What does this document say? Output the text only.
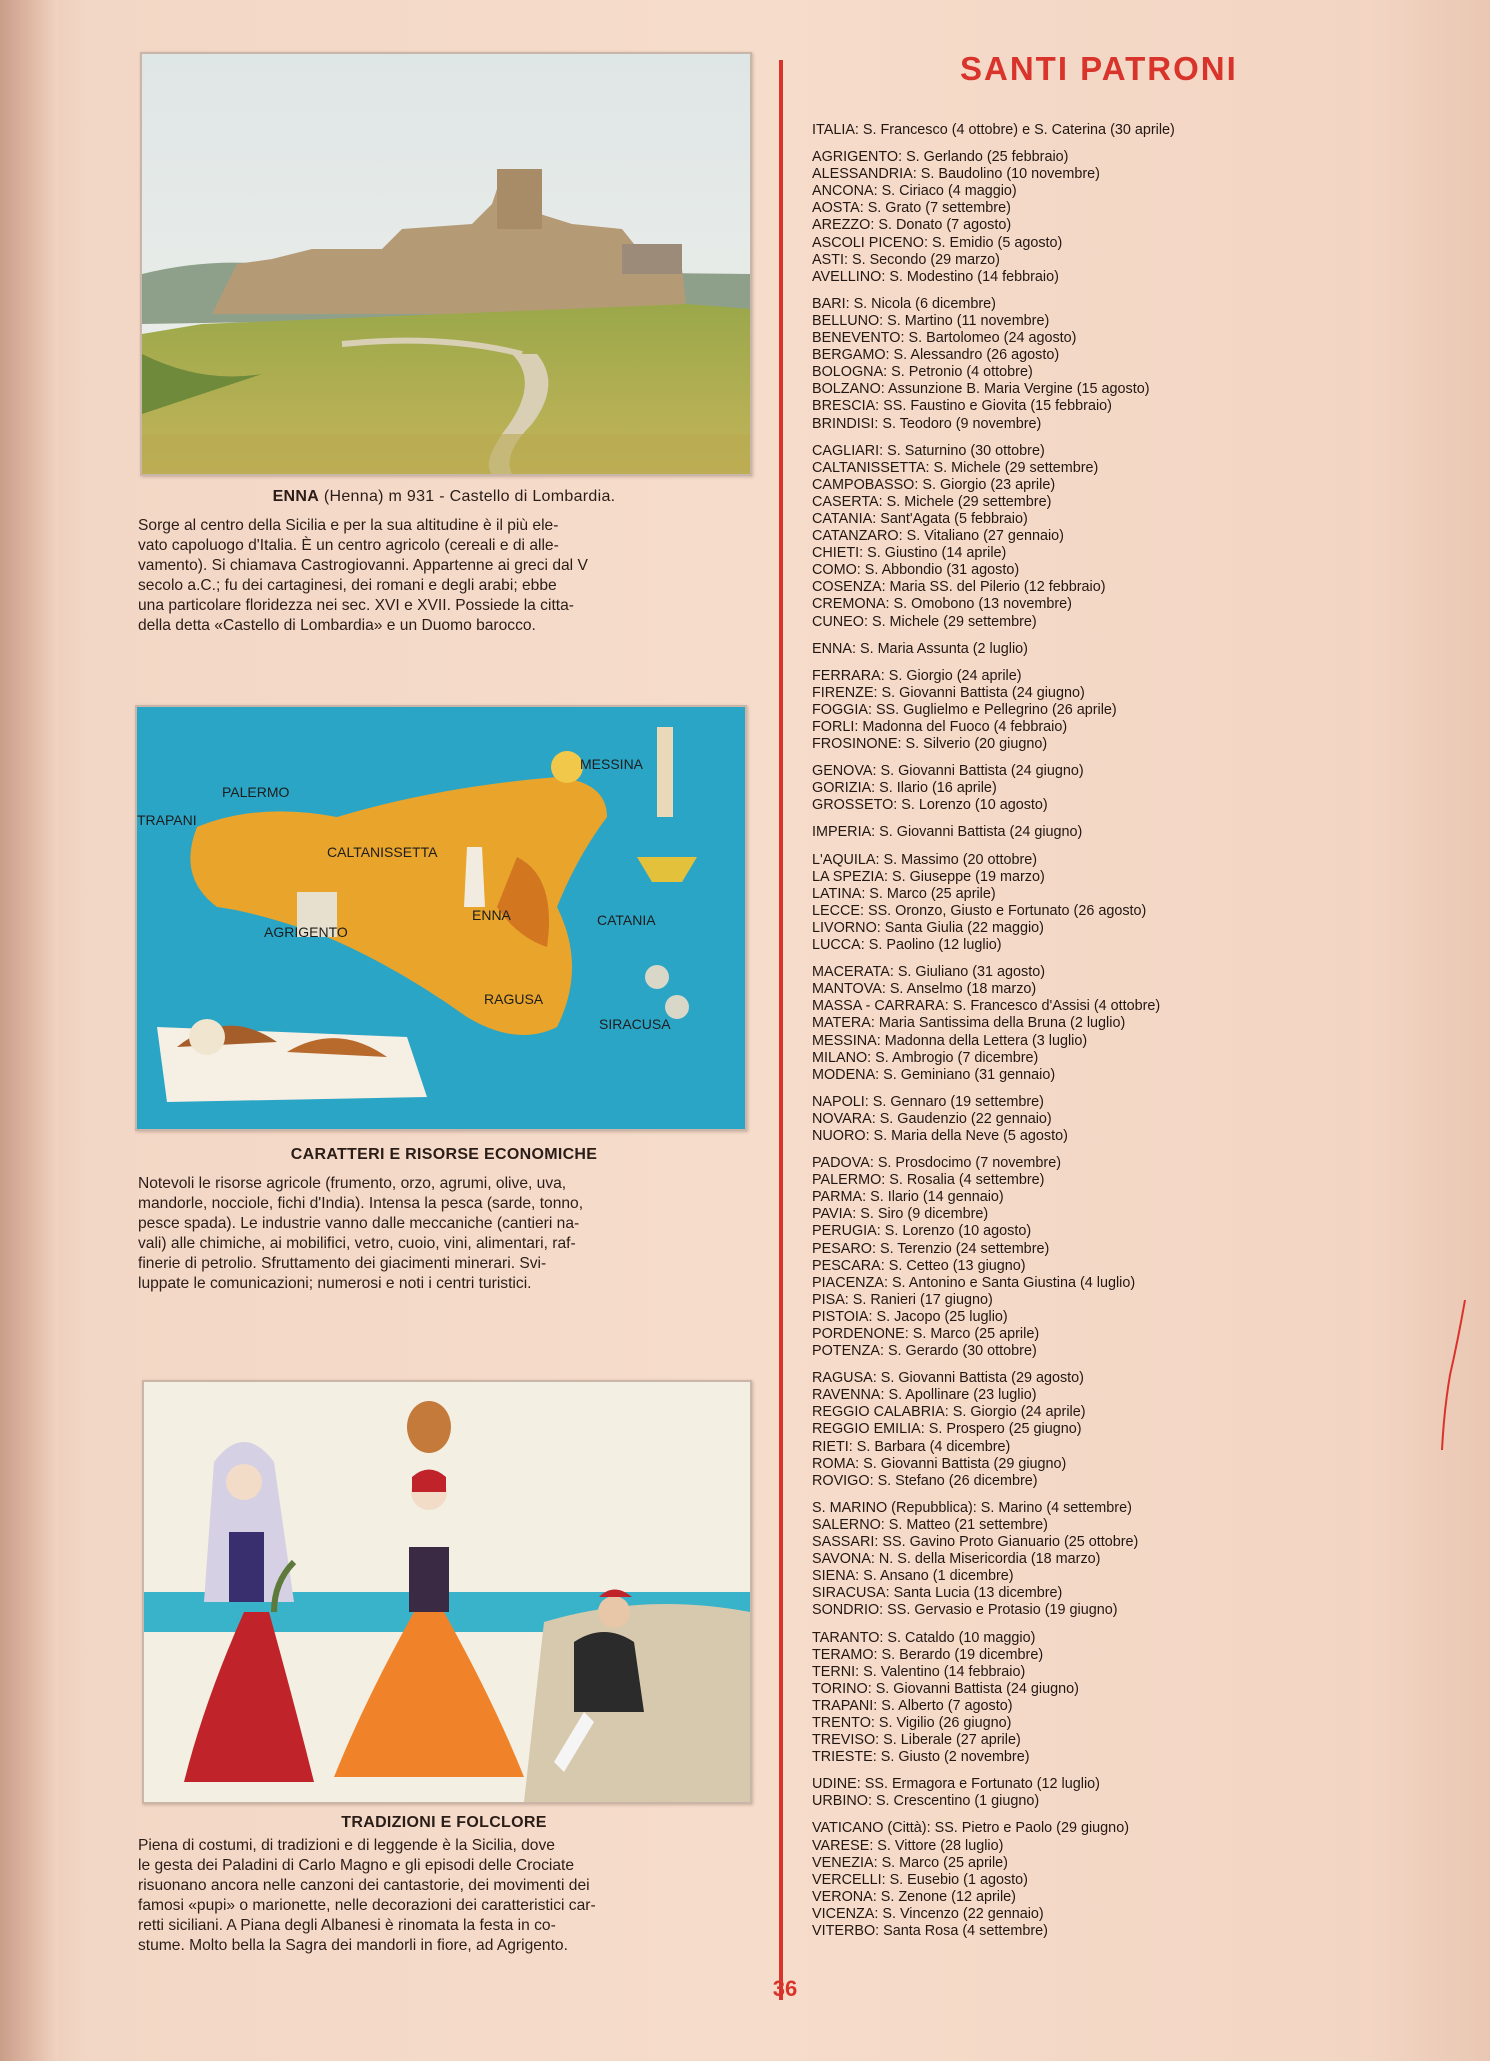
ENNA (Henna) m 931 - Castello di Lombardia.

Sorge al centro della Sicilia e per la sua altitudine è il più ele-

vato capoluogo d'Italia. È un centro agricolo (cereali e di alle-

vamento). Si chiamava Castrogiovanni. Appartenne ai greci dal V

secolo a.C.; fu dei cartaginesi, dei romani e degli arabi; ebbe

una particolare floridezza nei sec. XVI e XVII. Possiede la citta-

della detta «Castello di Lombardia» e un Duomo barocco.

MESSINA
PALERMO
TRAPANI
CALTANISSETTA
ENNA	CATANIA
AGRIGENTO
RAGUSA
SIRACUSA
CARATTERI E RISORSE ECONOMICHE

Notevoli le risorse agricole (frumento, orzo, agrumi, olive, uva,

mandorle, nocciole, fichi d'India). Intensa la pesca (sarde, tonno,

pesce spada). Le industrie vanno dalle meccaniche (cantieri na-

vali) alle chimiche, ai mobilifici, vetro, cuoio, vini, alimentari, raf-

finerie di petrolio. Sfruttamento dei giacimenti minerari. Svi-

luppate le comunicazioni; numerosi e noti i centri turistici.

TRADIZIONI E FOLCLORE

Piena di costumi, di tradizioni e di leggende è la Sicilia, dove

le gesta dei Paladini di Carlo Magno e gli episodi delle Crociate

risuonano ancora nelle canzoni dei cantastorie, dei movimenti dei

famosi «pupi» o marionette, nelle decorazioni dei caratteristici car-

retti siciliani. A Piana degli Albanesi è rinomata la festa in co-

stume. Molto bella la Sagra dei mandorli in fiore, ad Agrigento.

SANTI PATRONI
ITALIA: S. Francesco (4 ottobre) e S. Caterina (30 aprile)
AGRIGENTO: S. Gerlando (25 febbraio)
ALESSANDRIA: S. Baudolino (10 novembre)
ANCONA: S. Ciriaco (4 maggio)
AOSTA: S. Grato (7 settembre)
AREZZO: S. Donato (7 agosto)
ASCOLI PICENO: S. Emidio (5 agosto)
ASTI: S. Secondo (29 marzo)
AVELLINO: S. Modestino (14 febbraio)
BARI: S. Nicola (6 dicembre)
BELLUNO: S. Martino (11 novembre)
BENEVENTO: S. Bartolomeo (24 agosto)
BERGAMO: S. Alessandro (26 agosto)
BOLOGNA: S. Petronio (4 ottobre)
BOLZANO: Assunzione B. Maria Vergine (15 agosto)
BRESCIA: SS. Faustino e Giovita (15 febbraio)
BRINDISI: S. Teodoro (9 novembre)
CAGLIARI: S. Saturnino (30 ottobre)
CALTANISSETTA: S. Michele (29 settembre)
CAMPOBASSO: S. Giorgio (23 aprile)
CASERTA: S. Michele (29 settembre)
CATANIA: Sant'Agata (5 febbraio)
CATANZARO: S. Vitaliano (27 gennaio)
CHIETI: S. Giustino (14 aprile)
COMO: S. Abbondio (31 agosto)
COSENZA: Maria SS. del Pilerio (12 febbraio)
CREMONA: S. Omobono (13 novembre)
CUNEO: S. Michele (29 settembre)
ENNA: S. Maria Assunta (2 luglio)
FERRARA: S. Giorgio (24 aprile)
FIRENZE: S. Giovanni Battista (24 giugno)
FOGGIA: SS. Guglielmo e Pellegrino (26 aprile)
FORLI: Madonna del Fuoco (4 febbraio)
FROSINONE: S. Silverio (20 giugno)
GENOVA: S. Giovanni Battista (24 giugno)
GORIZIA: S. Ilario (16 aprile)
GROSSETO: S. Lorenzo (10 agosto)
IMPERIA: S. Giovanni Battista (24 giugno)
L'AQUILA: S. Massimo (20 ottobre)
LA SPEZIA: S. Giuseppe (19 marzo)
LATINA: S. Marco (25 aprile)
LECCE: SS. Oronzo, Giusto e Fortunato (26 agosto)
LIVORNO: Santa Giulia (22 maggio)
LUCCA: S. Paolino (12 luglio)
MACERATA: S. Giuliano (31 agosto)
MANTOVA: S. Anselmo (18 marzo)
MASSA - CARRARA: S. Francesco d'Assisi (4 ottobre)
MATERA: Maria Santissima della Bruna (2 luglio)
MESSINA: Madonna della Lettera (3 luglio)
MILANO: S. Ambrogio (7 dicembre)
MODENA: S. Geminiano (31 gennaio)
NAPOLI: S. Gennaro (19 settembre)
NOVARA: S. Gaudenzio (22 gennaio)
NUORO: S. Maria della Neve (5 agosto)
PADOVA: S. Prosdocimo (7 novembre)
PALERMO: S. Rosalia (4 settembre)
PARMA: S. Ilario (14 gennaio)
PAVIA: S. Siro (9 dicembre)
PERUGIA: S. Lorenzo (10 agosto)
PESARO: S. Terenzio (24 settembre)
PESCARA: S. Cetteo (13 giugno)
PIACENZA: S. Antonino e Santa Giustina (4 luglio)
PISA: S. Ranieri (17 giugno)
PISTOIA: S. Jacopo (25 luglio)
PORDENONE: S. Marco (25 aprile)
POTENZA: S. Gerardo (30 ottobre)
RAGUSA: S. Giovanni Battista (29 agosto)
RAVENNA: S. Apollinare (23 luglio)
REGGIO CALABRIA: S. Giorgio (24 aprile)
REGGIO EMILIA: S. Prospero (25 giugno)
RIETI: S. Barbara (4 dicembre)
ROMA: S. Giovanni Battista (29 giugno)
ROVIGO: S. Stefano (26 dicembre)
S. MARINO (Repubblica): S. Marino (4 settembre)
SALERNO: S. Matteo (21 settembre)
SASSARI: SS. Gavino Proto Gianuario (25 ottobre)
SAVONA: N. S. della Misericordia (18 marzo)
SIENA: S. Ansano (1 dicembre)
SIRACUSA: Santa Lucia (13 dicembre)
SONDRIO: SS. Gervasio e Protasio (19 giugno)
TARANTO: S. Cataldo (10 maggio)
TERAMO: S. Berardo (19 dicembre)
TERNI: S. Valentino (14 febbraio)
TORINO: S. Giovanni Battista (24 giugno)
TRAPANI: S. Alberto (7 agosto)
TRENTO: S. Vigilio (26 giugno)
TREVISO: S. Liberale (27 aprile)
TRIESTE: S. Giusto (2 novembre)
UDINE: SS. Ermagora e Fortunato (12 luglio)
URBINO: S. Crescentino (1 giugno)
VATICANO (Città): SS. Pietro e Paolo (29 giugno)
VARESE: S. Vittore (28 luglio)
VENEZIA: S. Marco (25 aprile)
VERCELLI: S. Eusebio (1 agosto)
VERONA: S. Zenone (12 aprile)
VICENZA: S. Vincenzo (22 gennaio)
VITERBO: Santa Rosa (4 settembre)
36
